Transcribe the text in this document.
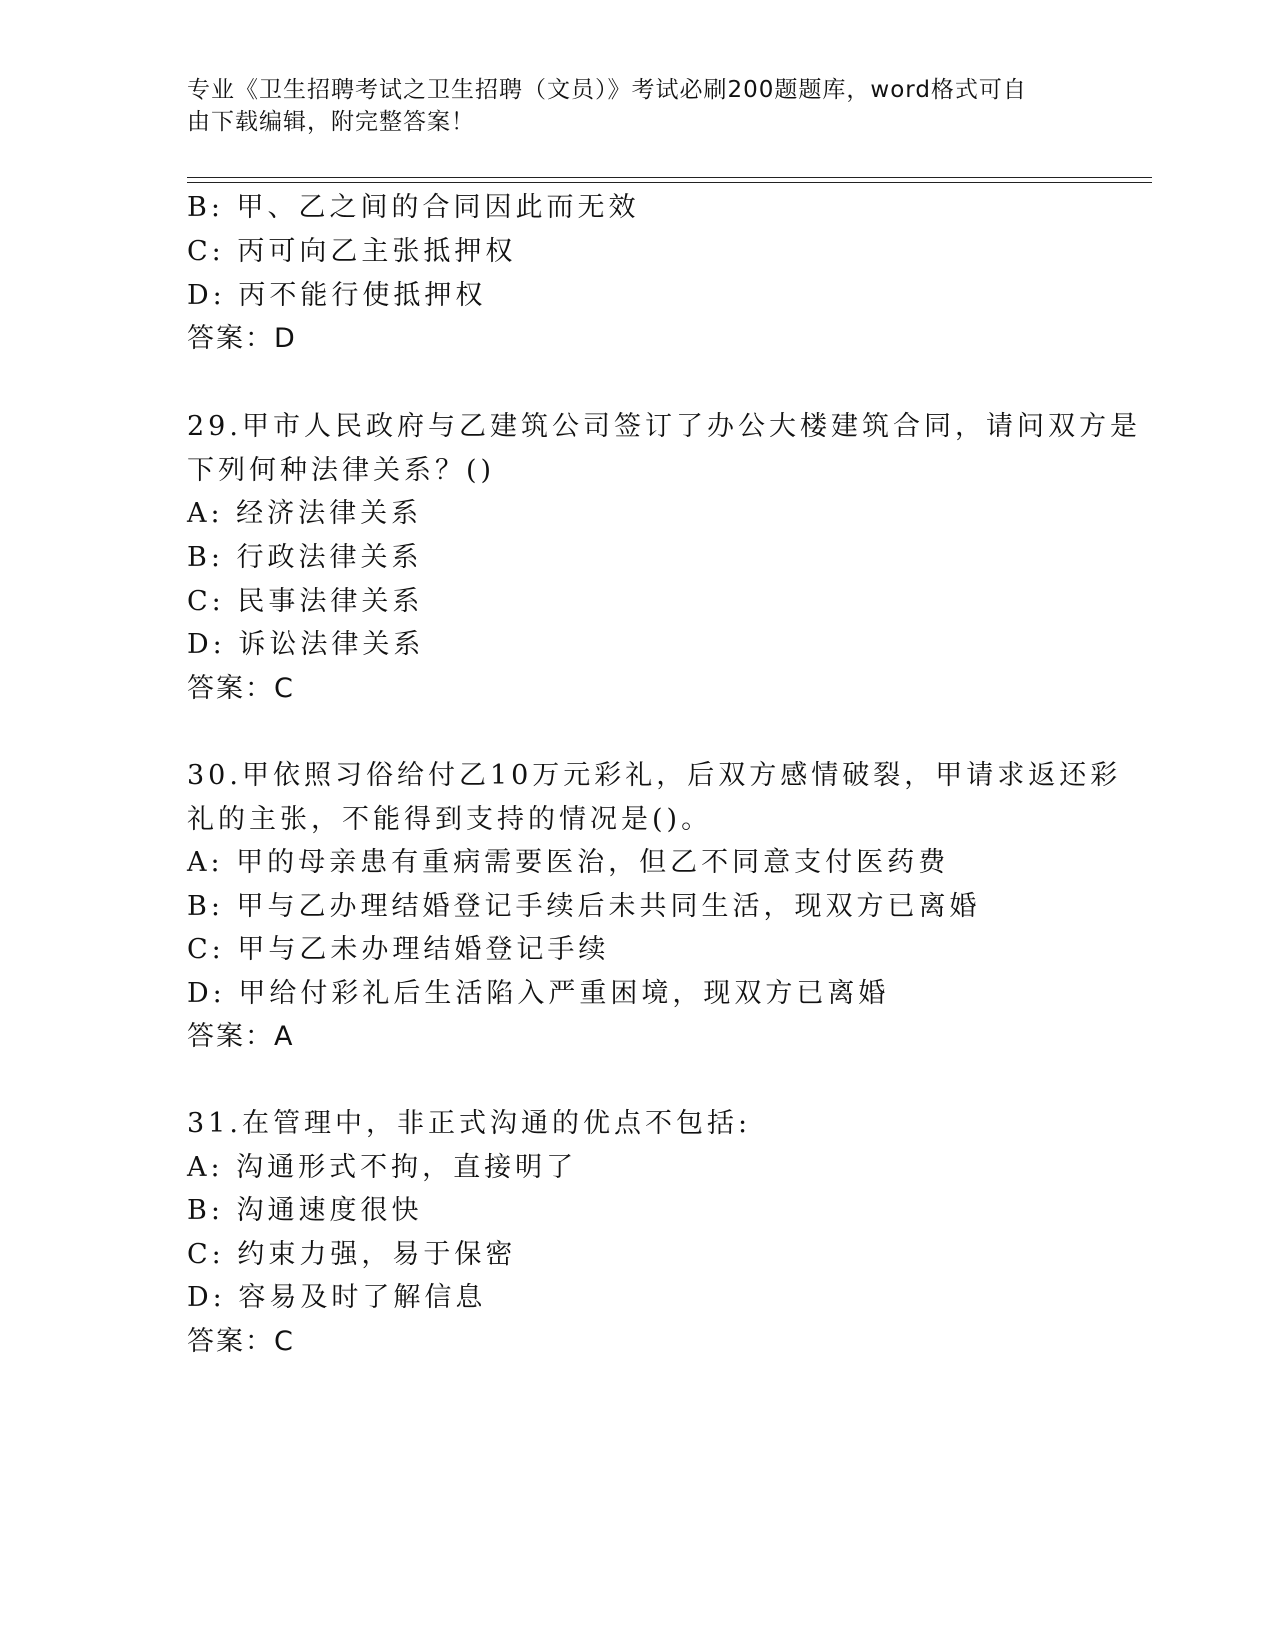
专业《卫生招聘考试之卫生招聘（文员）》考试必刷200题题库，word格式可自
由下载编辑，附完整答案！
B: 甲、乙之间的合同因此而无效
C: 丙可向乙主张抵押权
D: 丙不能行使抵押权
答案：D
29.甲市人民政府与乙建筑公司签订了办公大楼建筑合同，请问双方是
下列何种法律关系？()
A: 经济法律关系
B: 行政法律关系
C: 民事法律关系
D: 诉讼法律关系
答案：C
30.甲依照习俗给付乙10万元彩礼，后双方感情破裂，甲请求返还彩
礼的主张，不能得到支持的情况是()。
A: 甲的母亲患有重病需要医治，但乙不同意支付医药费
B: 甲与乙办理结婚登记手续后未共同生活，现双方已离婚
C: 甲与乙未办理结婚登记手续
D: 甲给付彩礼后生活陷入严重困境，现双方已离婚
答案：A
31.在管理中，非正式沟通的优点不包括:
A: 沟通形式不拘，直接明了
B: 沟通速度很快
C: 约束力强，易于保密
D: 容易及时了解信息
答案：C
